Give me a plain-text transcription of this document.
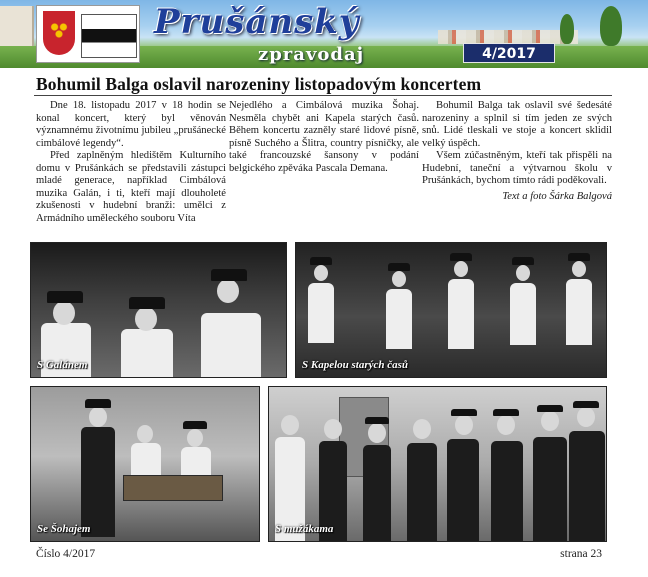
Prušánský
zpravodaj	4/2017
Bohumil Balga oslavil narozeniny listopadovým koncertem

Dne 18. listopadu 2017 v 18 hodin se konal koncert, který byl věnován významnému životnímu jubileu „prušánecké cimbálové legendy“.

Před zaplněným hledištěm Kulturního domu v Prušánkách se představili zástupci mladé generace, například Cimbálová muzika Galán, i ti, kteří mají dlouholeté zkušenosti v hudební branži: umělci z Armádního uměleckého souboru Víta

Bohumil Balga tak oslavil své šedesáté narozeniny a splnil si tím jeden ze svých snů. Lidé tleskali ve stoje a koncert sklidil velký úspěch.

Všem zúčastněným, kteří tak přispěli na Hudební, taneční a výtvarnou školu v Prušánkách, bychom tímto rádi poděkovali.

Text a foto Šárka Balgová

Nejedlého a Cimbálová muzika Šohaj. Nesměla chybět ani Kapela starých časů. Během koncertu zazněly staré lidové písně, písně Suchého a Šlitra, country písničky, ale také francouzské šansony v podání belgického zpěváka Pascala Demana.

S Galánem	S Kapelou starých časů
Se Šohajem	S mužákama
Číslo 4/2017	strana 23
